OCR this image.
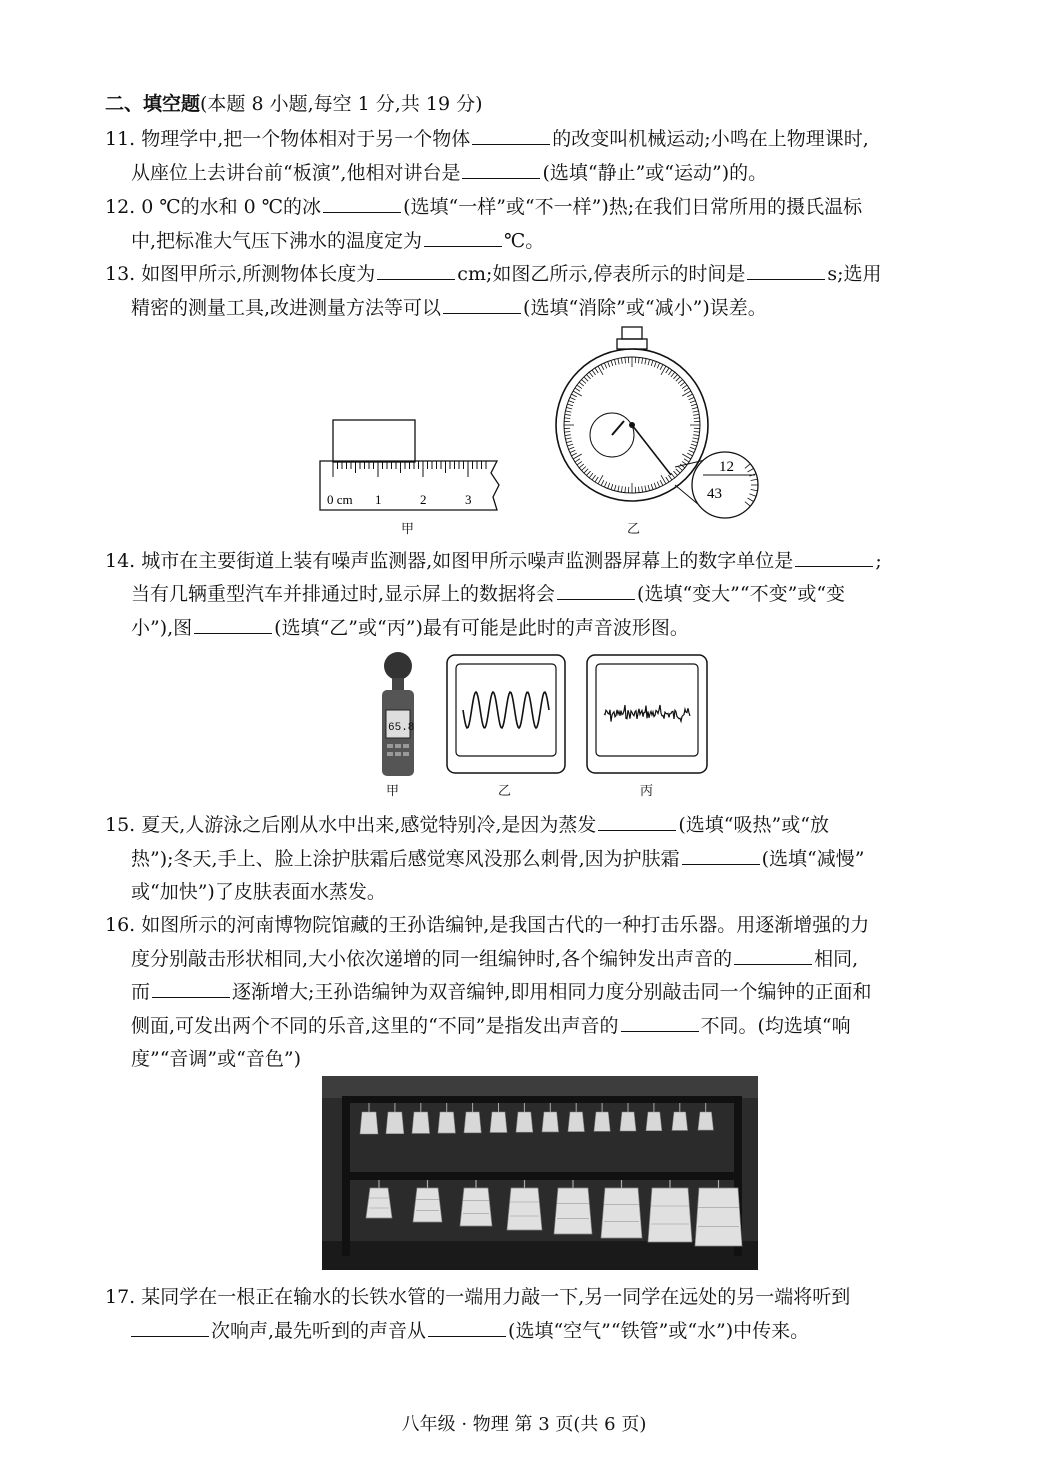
二、填空题(本题 8 小题,每空 1 分,共 19 分)
11. 物理学中,把一个物体相对于另一个物体	的改变叫机械运动;小鸣在上物理课时,
从座位上去讲台前“板演”,他相对讲台是	(选填“静止”或“运动”)的。
12. 0 ℃的水和 0 ℃的冰	(选填“一样”或“不一样”)热;在我们日常所用的摄氏温标
中,把标准大气压下沸水的温度定为	℃。
13. 如图甲所示,所测物体长度为	cm;如图乙所示,停表所示的时间是	s;选用
精密的测量工具,改进测量方法等可以	(选填“消除”或“减小”)误差。
0 cm 1	2	3
甲
12
43
乙
14. 城市在主要街道上装有噪声监测器,如图甲所示噪声监测器屏幕上的数字单位是	;
当有几辆重型汽车并排通过时,显示屏上的数据将会	(选填“变大”“不变”或“变
小”),图	(选填“乙”或“丙”)最有可能是此时的声音波形图。
65.8
乙
甲	丙
15. 夏天,人游泳之后刚从水中出来,感觉特别冷,是因为蒸发	(选填“吸热”或“放
热”);冬天,手上、脸上涂护肤霜后感觉寒风没那么刺骨,因为护肤霜	(选填“减慢”
或“加快”)了皮肤表面水蒸发。
16. 如图所示的河南博物院馆藏的王孙诰编钟,是我国古代的一种打击乐器。用逐渐增强的力
度分别敲击形状相同,大小依次递增的同一组编钟时,各个编钟发出声音的	相同,
而	逐渐增大;王孙诰编钟为双音编钟,即用相同力度分别敲击同一个编钟的正面和
侧面,可发出两个不同的乐音,这里的“不同”是指发出声音的	不同。(均选填“响
度”“音调”或“音色”)
17. 某同学在一根正在输水的长铁水管的一端用力敲一下,另一同学在远处的另一端将听到
次响声,最先听到的声音从	(选填“空气”“铁管”或“水”)中传来。
八年级 · 物理 第 3 页(共 6 页)
